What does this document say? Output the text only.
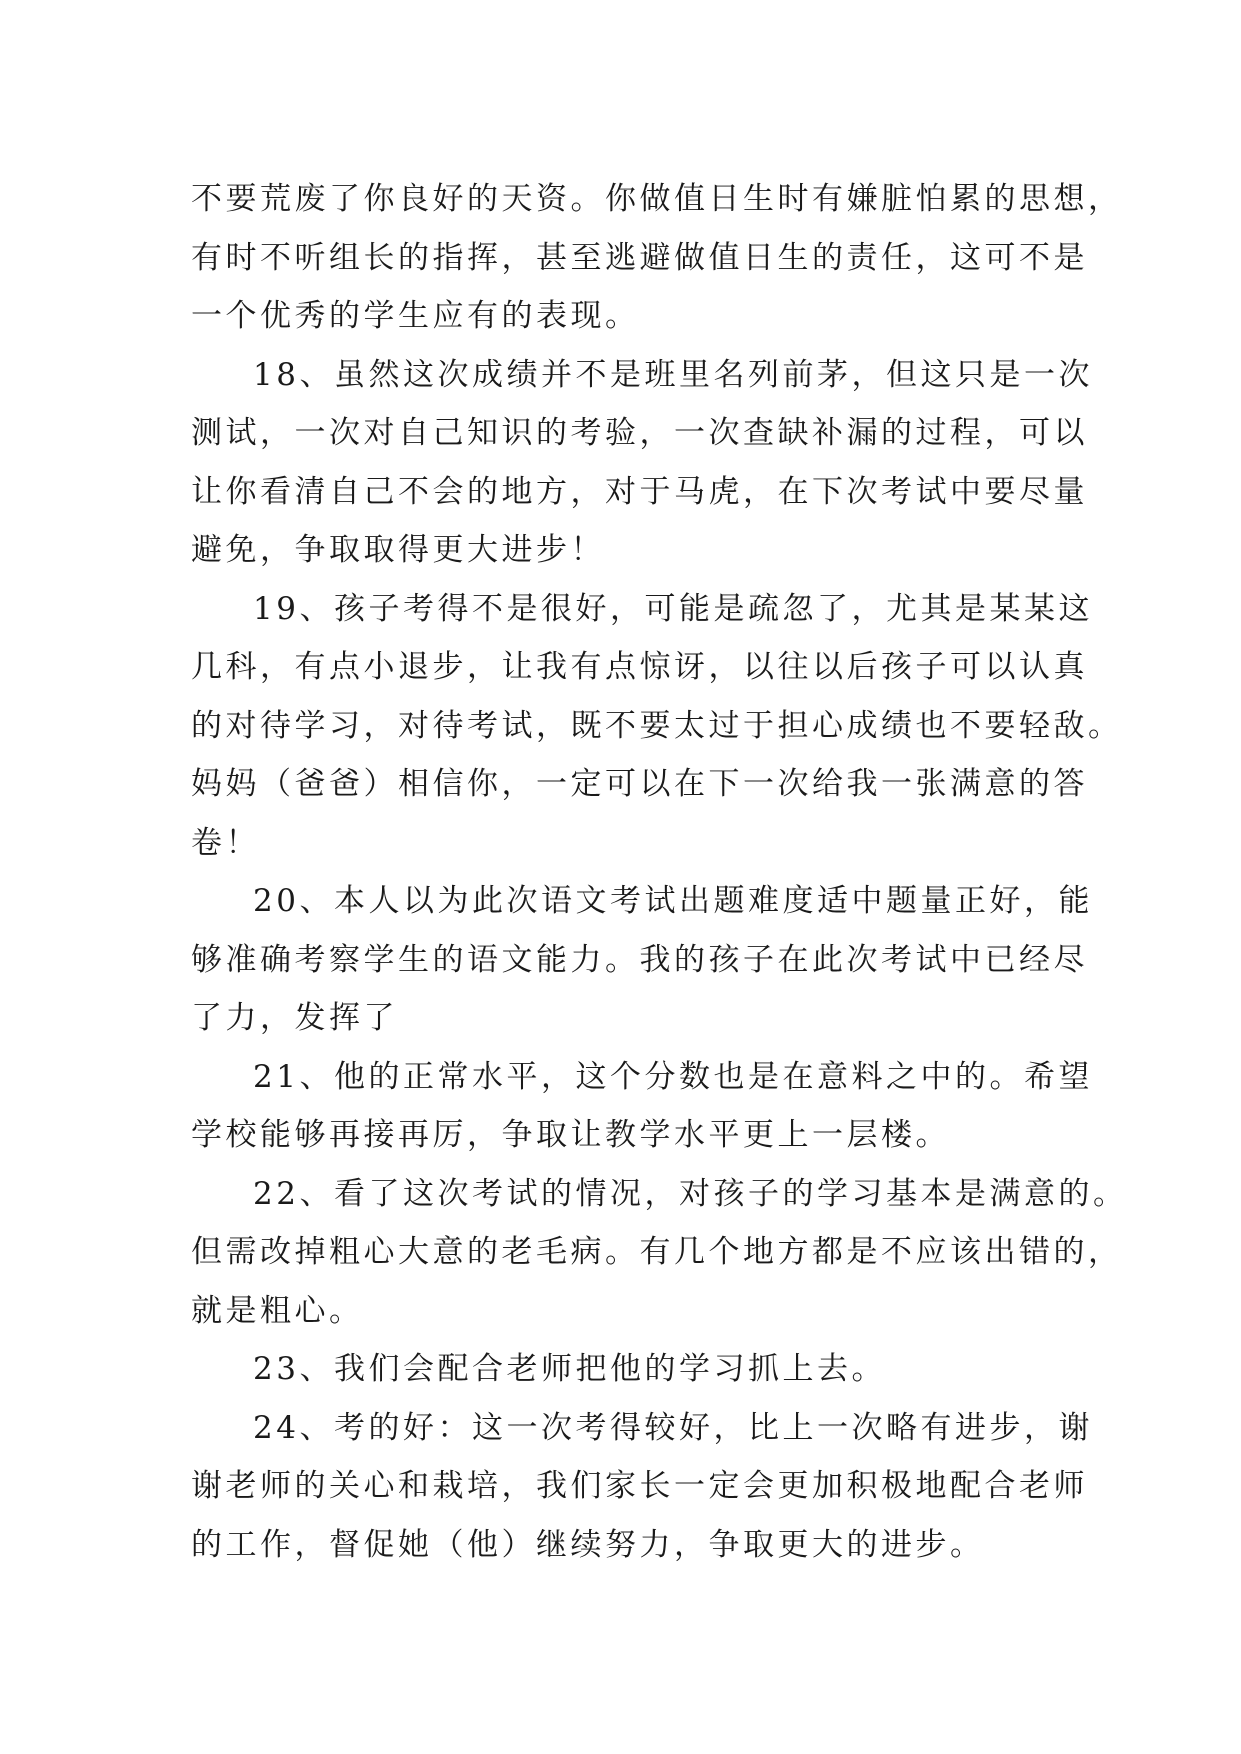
不要荒废了你良好的天资。你做值日生时有嫌脏怕累的思想，
有时不听组长的指挥，甚至逃避做值日生的责任，这可不是
一个优秀的学生应有的表现。
18、虽然这次成绩并不是班里名列前茅，但这只是一次
测试，一次对自己知识的考验，一次查缺补漏的过程，可以
让你看清自己不会的地方，对于马虎，在下次考试中要尽量
避免，争取取得更大进步！
19、孩子考得不是很好，可能是疏忽了，尤其是某某这
几科，有点小退步，让我有点惊讶，以往以后孩子可以认真
的对待学习，对待考试，既不要太过于担心成绩也不要轻敌。
妈妈（爸爸）相信你，一定可以在下一次给我一张满意的答
卷！
20、本人以为此次语文考试出题难度适中题量正好，能
够准确考察学生的语文能力。我的孩子在此次考试中已经尽
了力，发挥了
21、他的正常水平，这个分数也是在意料之中的。希望
学校能够再接再厉，争取让教学水平更上一层楼。
22、看了这次考试的情况，对孩子的学习基本是满意的。
但需改掉粗心大意的老毛病。有几个地方都是不应该出错的，
就是粗心。
23、我们会配合老师把他的学习抓上去。
24、考的好：这一次考得较好，比上一次略有进步，谢
谢老师的关心和栽培，我们家长一定会更加积极地配合老师
的工作，督促她（他）继续努力，争取更大的进步。
